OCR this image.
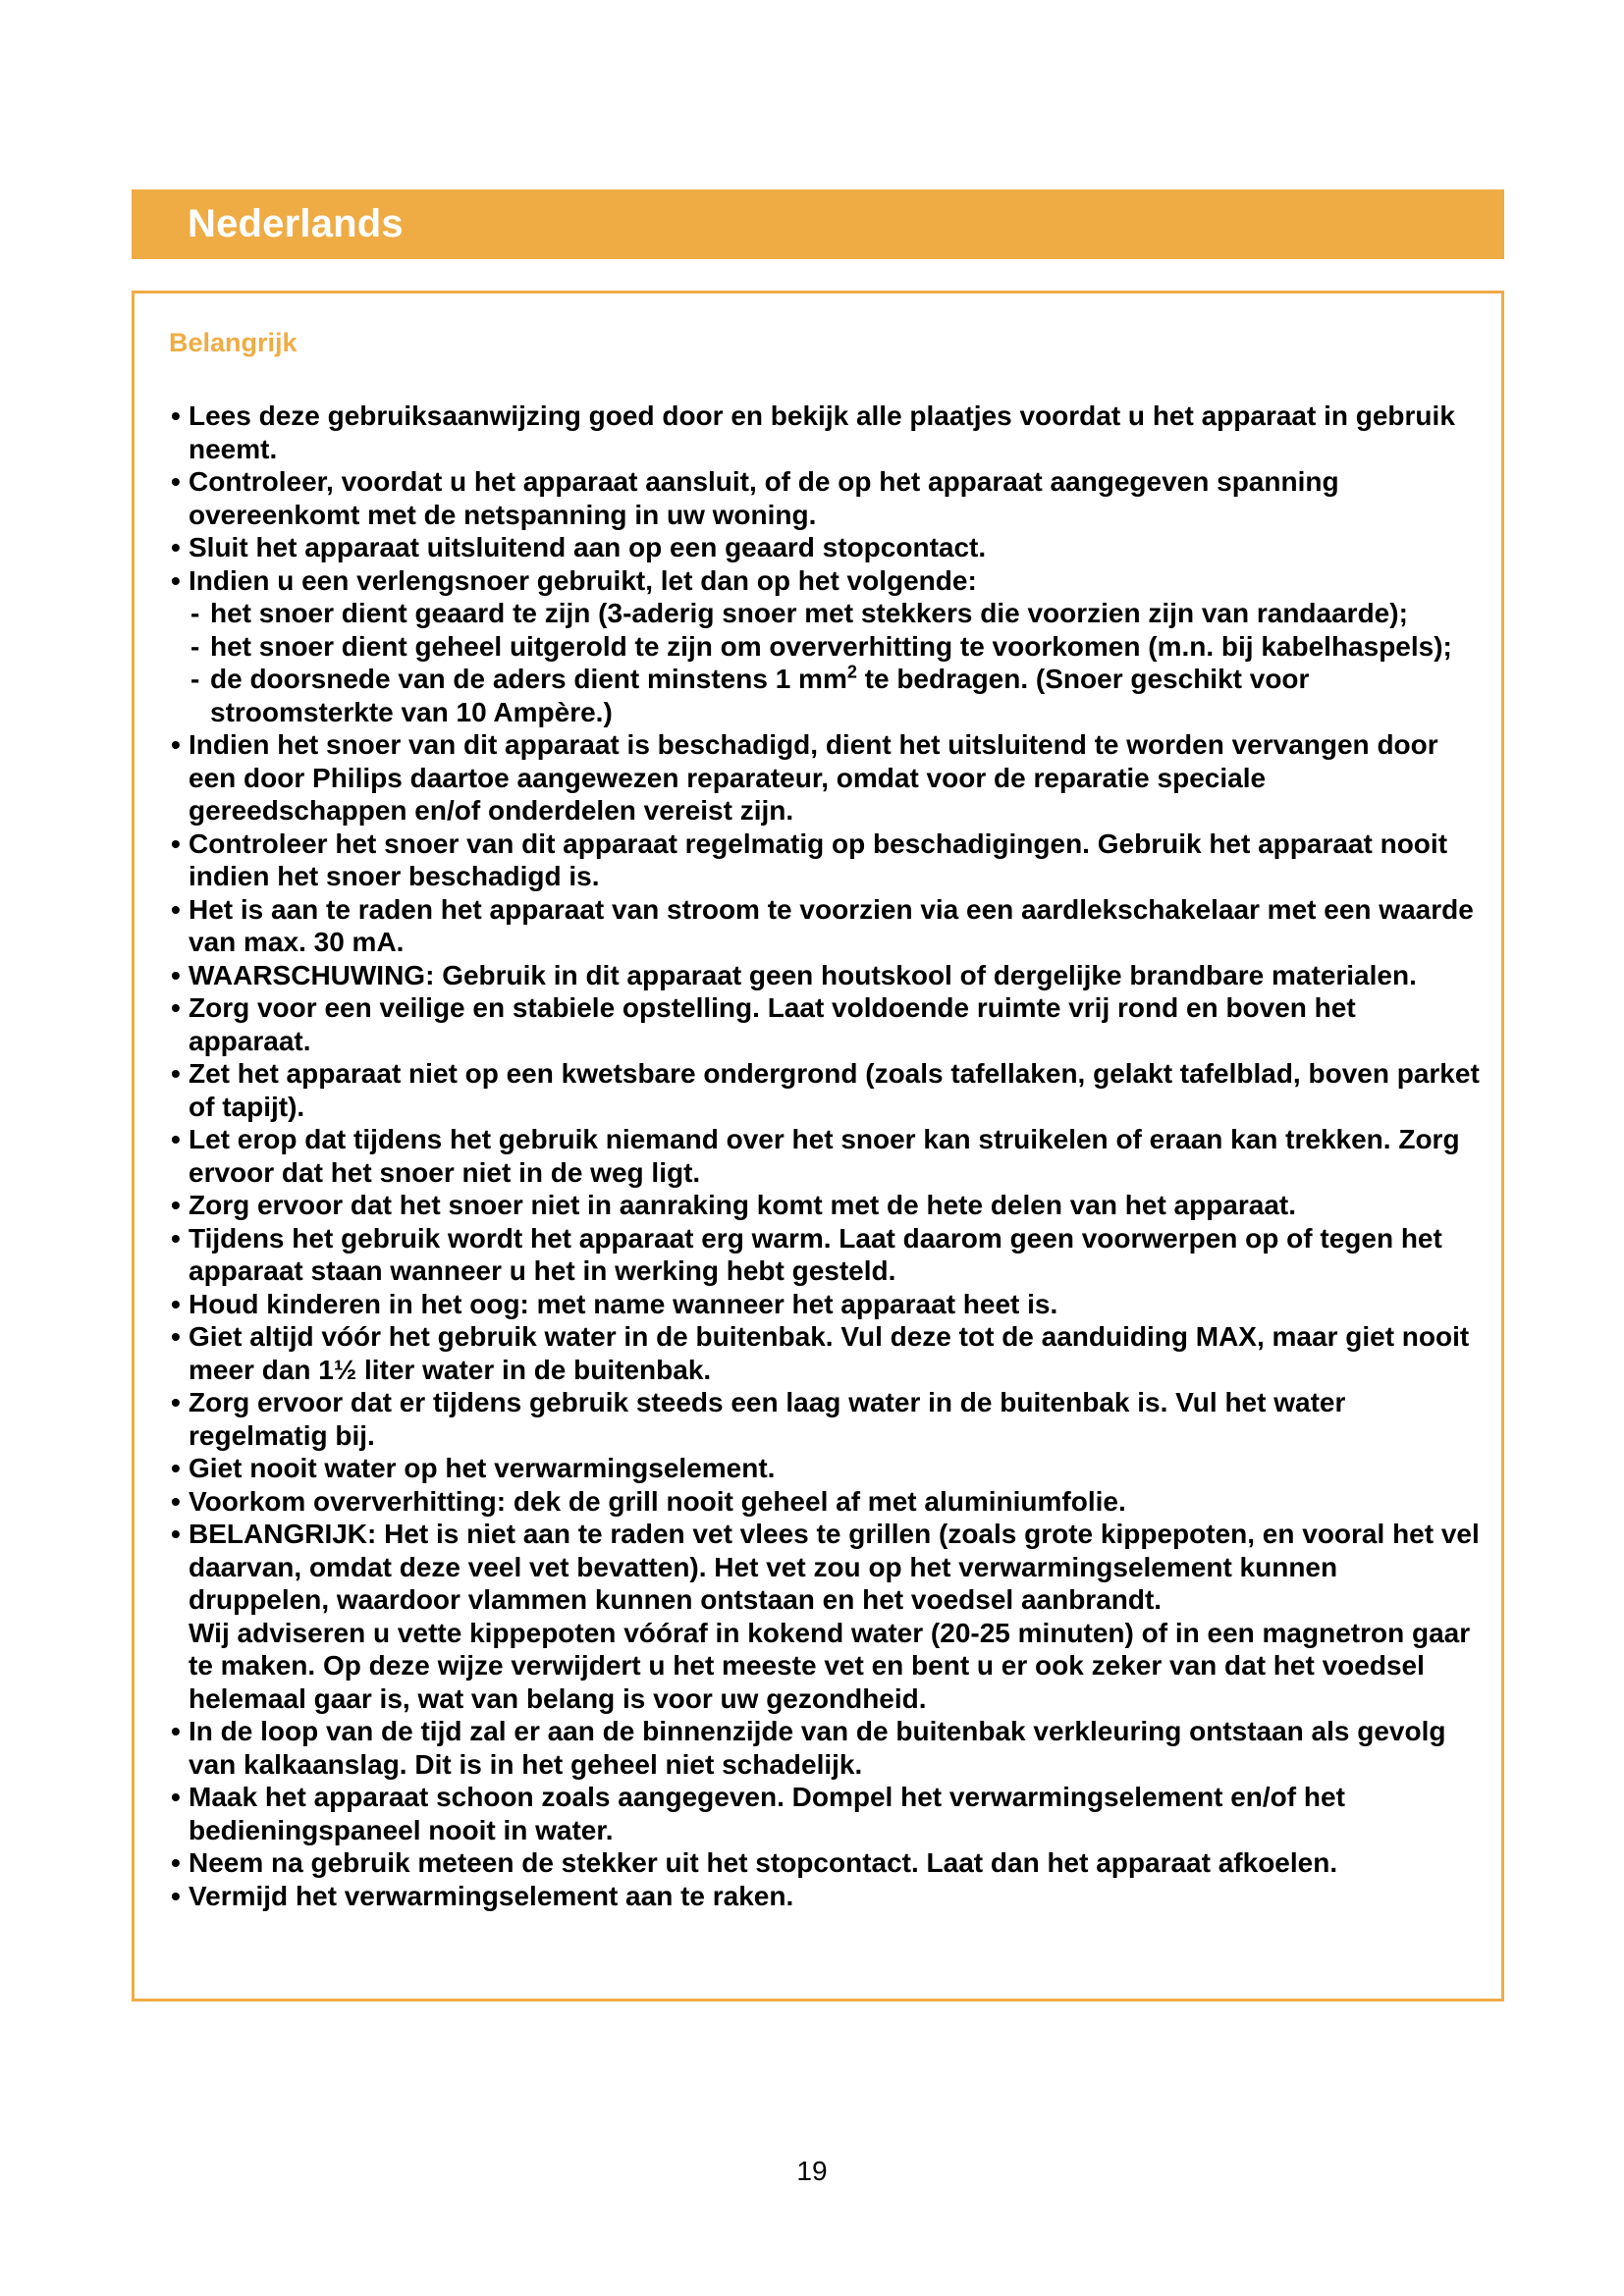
Nederlands
Belangrijk
• Lees deze gebruiksaanwijzing goed door en bekijk alle plaatjes voordat u het apparaat in gebruik neemt.
• Controleer, voordat u het apparaat aansluit, of de op het apparaat aangegeven spanning overeenkomt met de netspanning in uw woning.
• Sluit het apparaat uitsluitend aan op een geaard stopcontact.
• Indien u een verlengsnoer gebruikt, let dan op het volgende:
- het snoer dient geaard te zijn (3-aderig snoer met stekkers die voorzien zijn van randaarde);
- het snoer dient geheel uitgerold te zijn om oververhitting te voorkomen (m.n. bij kabelhaspels);
- de doorsnede van de aders dient minstens 1 $mm^2$ te bedragen. (Snoer geschikt voor stroomsterkte van 10 Ampère.)
• Indien het snoer van dit apparaat is beschadigd, dient het uitsluitend te worden vervangen door een door Philips daartoe aangewezen reparateur, omdat voor de reparatie speciale gereedschappen en/of onderdelen vereist zijn.
• Controleer het snoer van dit apparaat regelmatig op beschadigingen. Gebruik het apparaat nooit indien het snoer beschadigd is.
• Het is aan te raden het apparaat van stroom te voorzien via een aardlekschakelaar met een waarde van max. 30 mA.
• WAARSCHUWING: Gebruik in dit apparaat geen houtskool of dergelijke brandbare materialen.
• Zorg voor een veilige en stabiele opstelling. Laat voldoende ruimte vrij rond en boven het apparaat.
• Zet het apparaat niet op een kwetsbare ondergrond (zoals tafellaken, gelakt tafelblad, boven parket of tapijt).
• Let erop dat tijdens het gebruik niemand over het snoer kan struikelen of eraan kan trekken. Zorg ervoor dat het snoer niet in de weg ligt.
• Zorg ervoor dat het snoer niet in aanraking komt met de hete delen van het apparaat.
• Tijdens het gebruik wordt het apparaat erg warm. Laat daarom geen voorwerpen op of tegen het apparaat staan wanneer u het in werking hebt gesteld.
• Houd kinderen in het oog: met name wanneer het apparaat heet is.
• Giet altijd vóór het gebruik water in de buitenbak. Vul deze tot de aanduiding MAX, maar giet nooit meer dan 1½ liter water in de buitenbak.
• Zorg ervoor dat er tijdens gebruik steeds een laag water in de buitenbak is. Vul het water regelmatig bij.
• Giet nooit water op het verwarmingselement.
• Voorkom oververhitting: dek de grill nooit geheel af met aluminiumfolie.
• BELANGRIJK: Het is niet aan te raden vet vlees te grillen (zoals grote kippepoten, en vooral het vel daarvan, omdat deze veel vet bevatten). Het vet zou op het verwarmingselement kunnen druppelen, waardoor vlammen kunnen ontstaan en het voedsel aanbrandt.
Wij adviseren u vette kippepoten vóóraf in kokend water (20-25 minuten) of in een magnetron gaar te maken. Op deze wijze verwijdert u het meeste vet en bent u er ook zeker van dat het voedsel helemaal gaar is, wat van belang is voor uw gezondheid.
• In de loop van de tijd zal er aan de binnenzijde van de buitenbak verkleuring ontstaan als gevolg van kalkaanslag. Dit is in het geheel niet schadelijk.
• Maak het apparaat schoon zoals aangegeven. Dompel het verwarmingselement en/of het bedieningspaneel nooit in water.
• Neem na gebruik meteen de stekker uit het stopcontact. Laat dan het apparaat afkoelen.
• Vermijd het verwarmingselement aan te raken.
19
